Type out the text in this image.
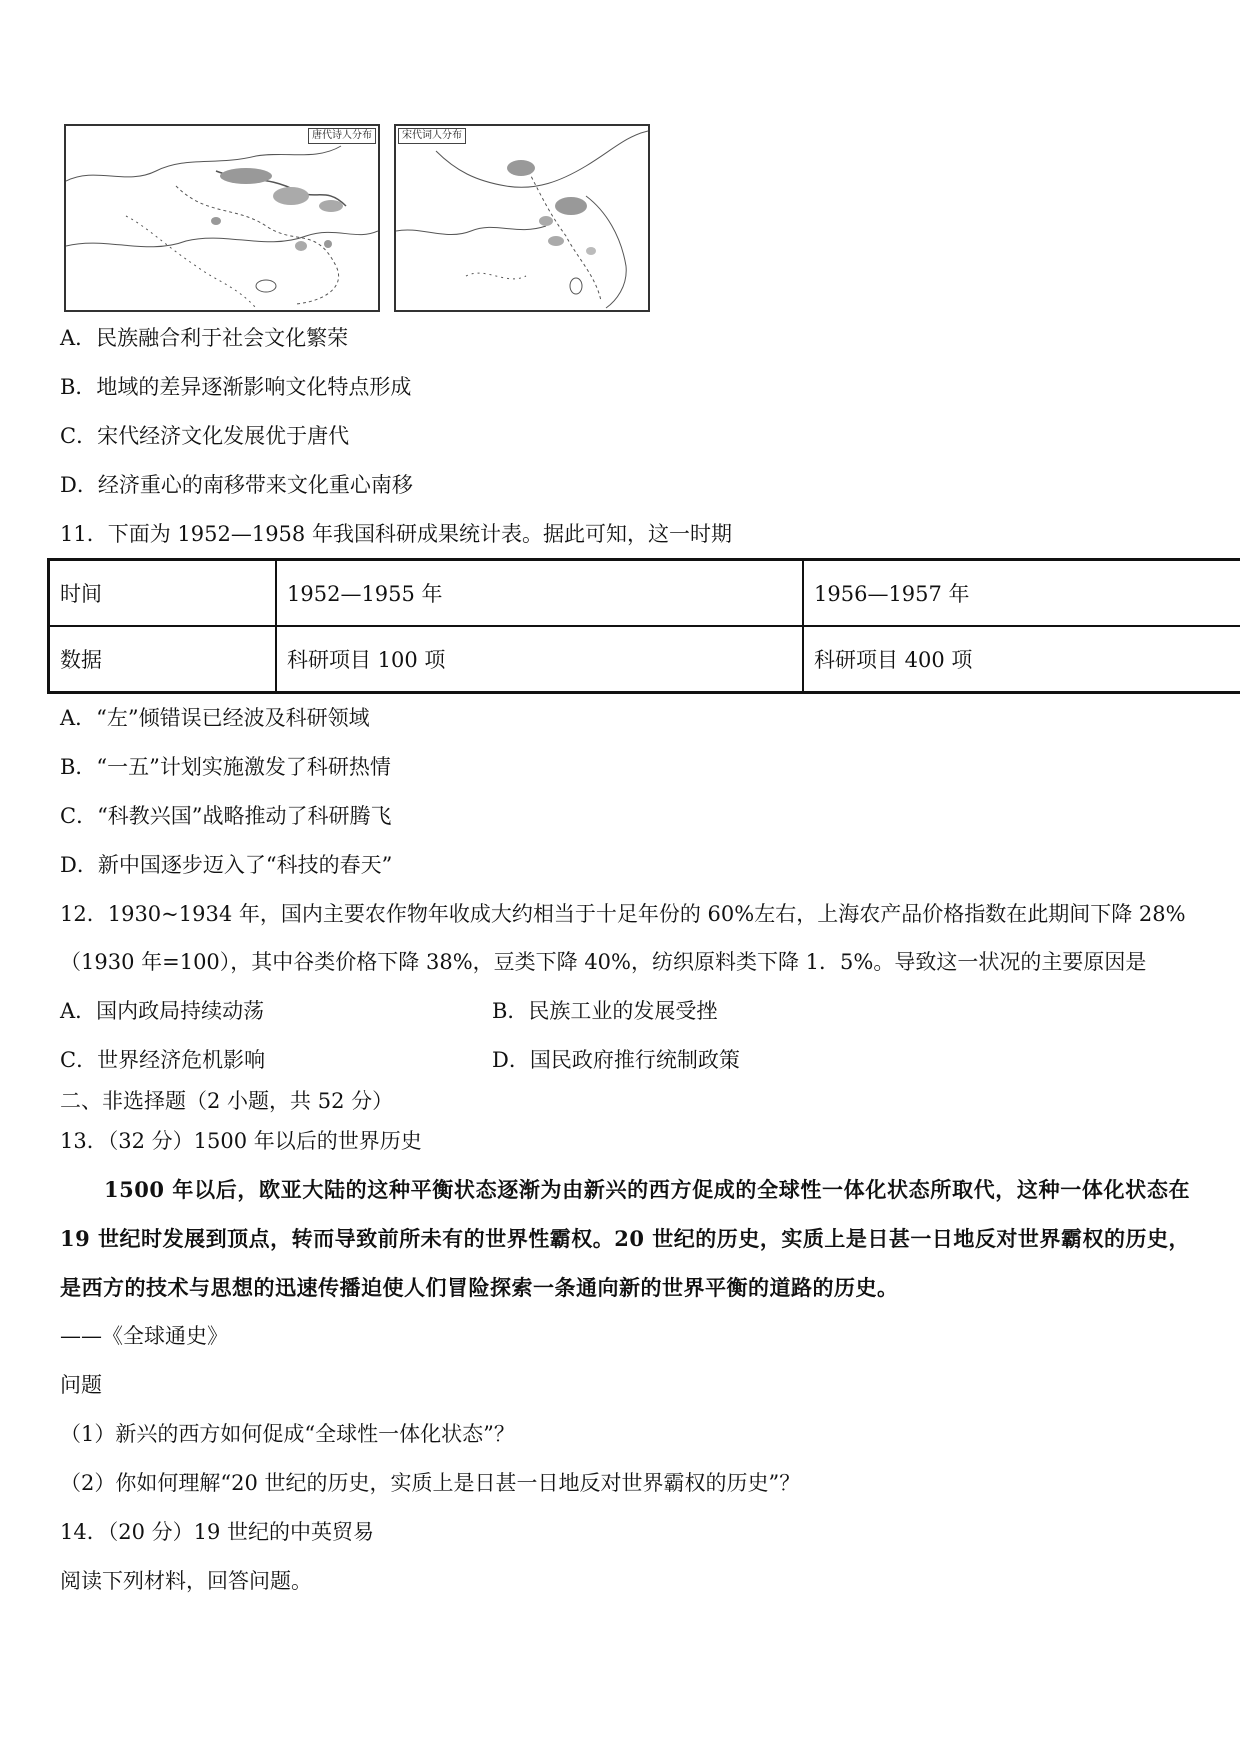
唐代诗人分布	宋代词人分布
A．民族融合利于社会文化繁荣
B．地域的差异逐渐影响文化特点形成
C．宋代经济文化发展优于唐代
D．经济重心的南移带来文化重心南移
11．下面为 1952—1958 年我国科研成果统计表。据此可知，这一时期
时间	1952—1955 年	1956—1957 年
数据	科研项目 100 项	科研项目 400 项
A．“左”倾错误已经波及科研领域
B．“一五”计划实施激发了科研热情
C．“科教兴国”战略推动了科研腾飞
D．新中国逐步迈入了“科技的春天”
12．1930~1934 年，国内主要农作物年收成大约相当于十足年份的 60%左右，上海农产品价格指数在此期间下降 28%
（1930 年=100），其中谷类价格下降 38%，豆类下降 40%，纺织原料类下降 1．5%。导致这一状况的主要原因是
A．国内政局持续动荡	B．民族工业的发展受挫
C．世界经济危机影响	D．国民政府推行统制政策
二、非选择题（2 小题，共 52 分）
13．（32 分）1500 年以后的世界历史

1500 年以后，欧亚大陆的这种平衡状态逐渐为由新兴的西方促成的全球性一体化状态所取代，这种一体化状态在 19 世纪时发展到顶点，转而导致前所未有的世界性霸权。20 世纪的历史，实质上是日甚一日地反对世界霸权的历史，是西方的技术与思想的迅速传播迫使人们冒险探索一条通向新的世界平衡的道路的历史。

——《全球通史》
问题
（1）新兴的西方如何促成“全球性一体化状态”？
（2）你如何理解“20 世纪的历史，实质上是日甚一日地反对世界霸权的历史”？
14．（20 分）19 世纪的中英贸易
阅读下列材料，回答问题。
